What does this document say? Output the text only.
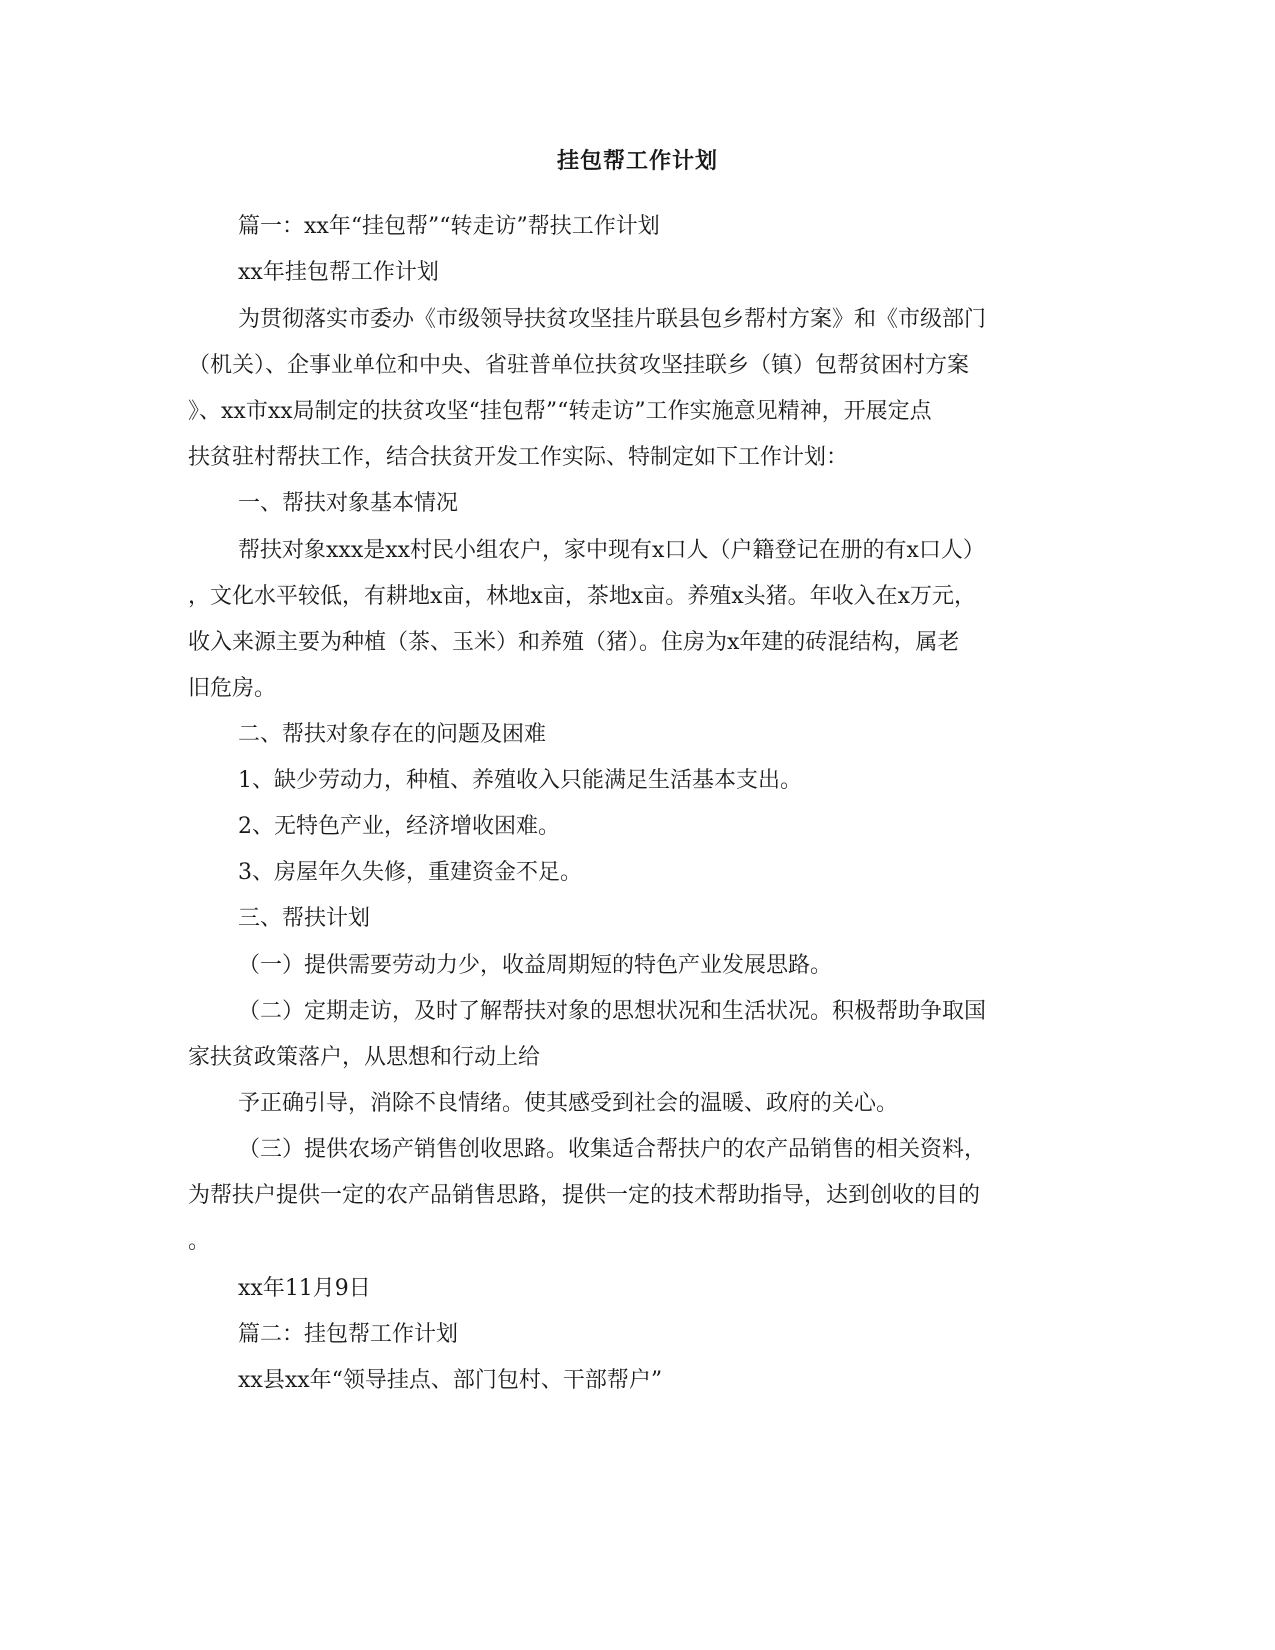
挂包帮工作计划
篇一：xx年“挂包帮”“转走访”帮扶工作计划
xx年挂包帮工作计划
为贯彻落实市委办《市级领导扶贫攻坚挂片联县包乡帮村方案》和《市级部门
（机关）、企事业单位和中央、省驻普单位扶贫攻坚挂联乡（镇）包帮贫困村方案
》、xx市xx局制定的扶贫攻坚“挂包帮”“转走访”工作实施意见精神，开展定点
扶贫驻村帮扶工作，结合扶贫开发工作实际、特制定如下工作计划：
一、帮扶对象基本情况
帮扶对象xxx是xx村民小组农户，家中现有x口人（户籍登记在册的有x口人）
，文化水平较低，有耕地x亩，林地x亩，茶地x亩。养殖x头猪。年收入在x万元，
收入来源主要为种植（茶、玉米）和养殖（猪）。住房为x年建的砖混结构，属老
旧危房。
二、帮扶对象存在的问题及困难
1、缺少劳动力，种植、养殖收入只能满足生活基本支出。
2、无特色产业，经济增收困难。
3、房屋年久失修，重建资金不足。
三、帮扶计划
（一）提供需要劳动力少，收益周期短的特色产业发展思路。
（二）定期走访，及时了解帮扶对象的思想状况和生活状况。积极帮助争取国
家扶贫政策落户，从思想和行动上给
予正确引导，消除不良情绪。使其感受到社会的温暖、政府的关心。
（三）提供农场产销售创收思路。收集适合帮扶户的农产品销售的相关资料，
为帮扶户提供一定的农产品销售思路，提供一定的技术帮助指导，达到创收的目的
。
xx年11月9日
篇二：挂包帮工作计划
xx县xx年“领导挂点、部门包村、干部帮户”
